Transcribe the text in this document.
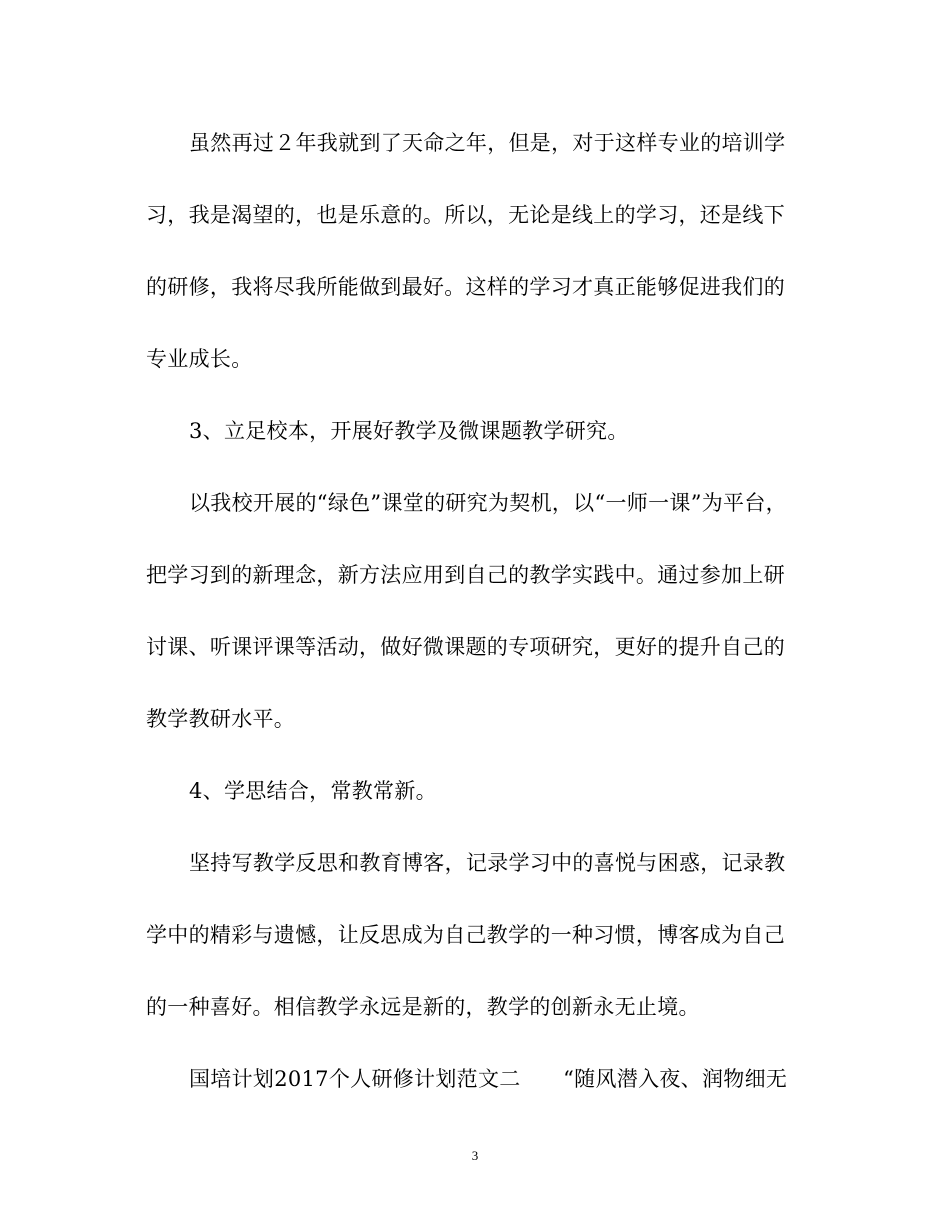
虽然再过２年我就到了天命之年，但是，对于这样专业的培训学
习，我是渴望的，也是乐意的。所以，无论是线上的学习，还是线下
的研修，我将尽我所能做到最好。这样的学习才真正能够促进我们的
专业成长。
3、立足校本，开展好教学及微课题教学研究。
以我校开展的“绿色”课堂的研究为契机，以“一师一课”为平台，
把学习到的新理念，新方法应用到自己的教学实践中。通过参加上研
讨课、听课评课等活动，做好微课题的专项研究，更好的提升自己的
教学教研水平。
4、学思结合，常教常新。
坚持写教学反思和教育博客，记录学习中的喜悦与困惑，记录教
学中的精彩与遗憾，让反思成为自己教学的一种习惯，博客成为自己
的一种喜好。相信教学永远是新的，教学的创新永无止境。
国培计划2017个人研修计划范文二　　“随风潜入夜、润物细无
3
